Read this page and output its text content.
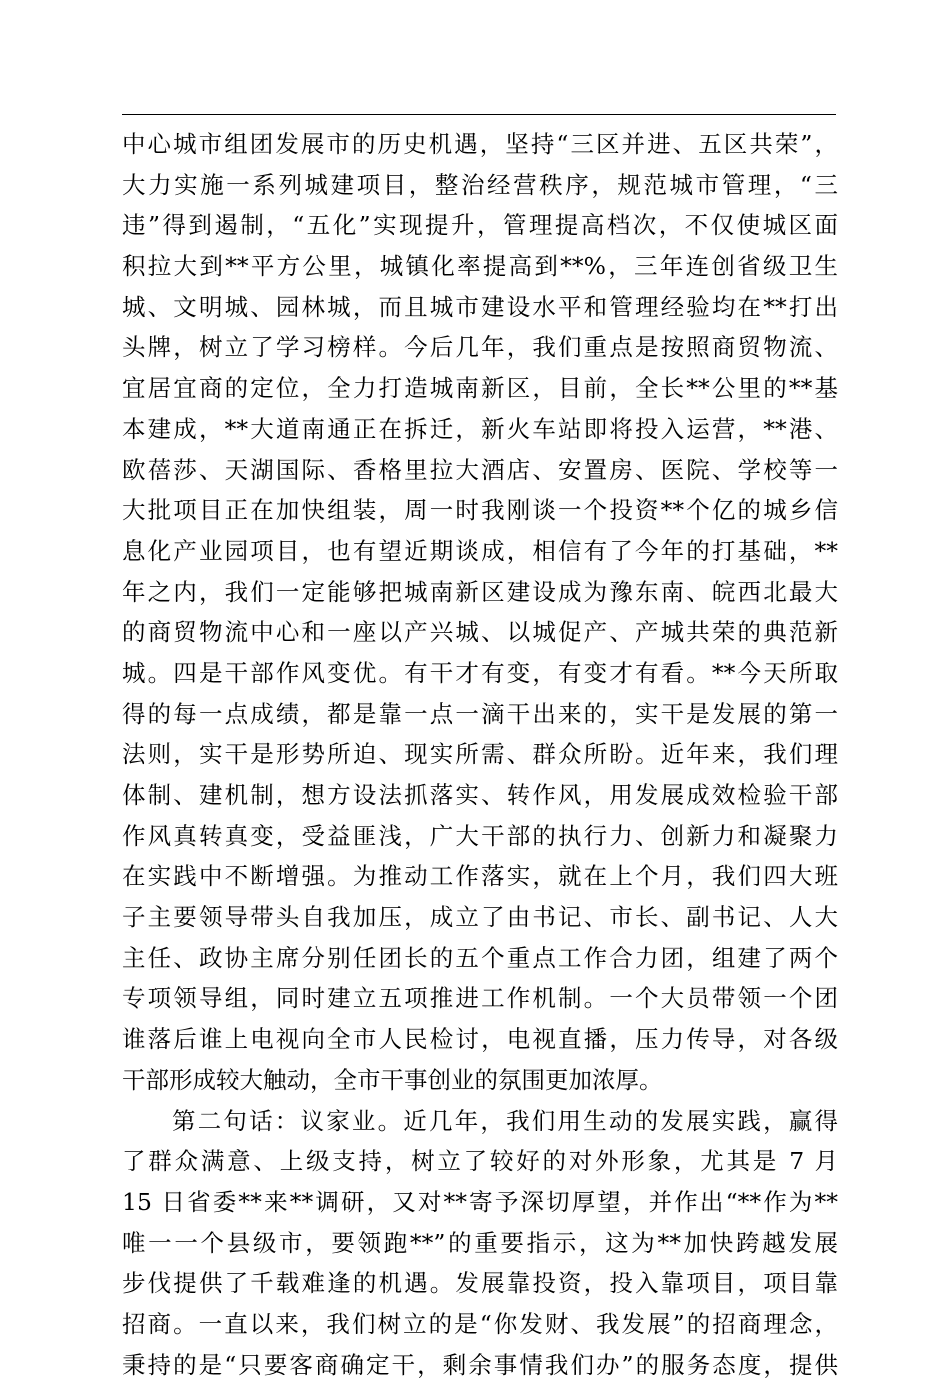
中心城市组团发展市的历史机遇，坚持“三区并进、五区共荣”，
大力实施一系列城建项目，整治经营秩序，规范城市管理，“三
违”得到遏制，“五化”实现提升，管理提高档次，不仅使城区面
积拉大到**平方公里，城镇化率提高到**%，三年连创省级卫生
城、文明城、园林城，而且城市建设水平和管理经验均在**打出
头牌，树立了学习榜样。今后几年，我们重点是按照商贸物流、
宜居宜商的定位，全力打造城南新区，目前，全长**公里的**基
本建成，**大道南通正在拆迁，新火车站即将投入运营，**港、
欧蓓莎、天湖国际、香格里拉大酒店、安置房、医院、学校等一
大批项目正在加快组装，周一时我刚谈一个投资**个亿的城乡信
息化产业园项目，也有望近期谈成，相信有了今年的打基础，**
年之内，我们一定能够把城南新区建设成为豫东南、皖西北最大
的商贸物流中心和一座以产兴城、以城促产、产城共荣的典范新
城。四是干部作风变优。有干才有变，有变才有看。**今天所取
得的每一点成绩，都是靠一点一滴干出来的，实干是发展的第一
法则，实干是形势所迫、现实所需、群众所盼。近年来，我们理
体制、建机制，想方设法抓落实、转作风，用发展成效检验干部
作风真转真变，受益匪浅，广大干部的执行力、创新力和凝聚力
在实践中不断增强。为推动工作落实，就在上个月，我们四大班
子主要领导带头自我加压，成立了由书记、市长、副书记、人大
主任、政协主席分别任团长的五个重点工作合力团，组建了两个
专项领导组，同时建立五项推进工作机制。一个大员带领一个团
谁落后谁上电视向全市人民检讨，电视直播，压力传导，对各级
干部形成较大触动，全市干事创业的氛围更加浓厚。
第二句话：议家业。近几年，我们用生动的发展实践，赢得
了群众满意、上级支持，树立了较好的对外形象，尤其是 7 月
15 日省委**来**调研，又对**寄予深切厚望，并作出“**作为**
唯一一个县级市，要领跑**”的重要指示，这为**加快跨越发展
步伐提供了千载难逢的机遇。发展靠投资，投入靠项目，项目靠
招商。一直以来，我们树立的是“你发财、我发展”的招商理念，
秉持的是“只要客商确定干，剩余事情我们办”的服务态度，提供
